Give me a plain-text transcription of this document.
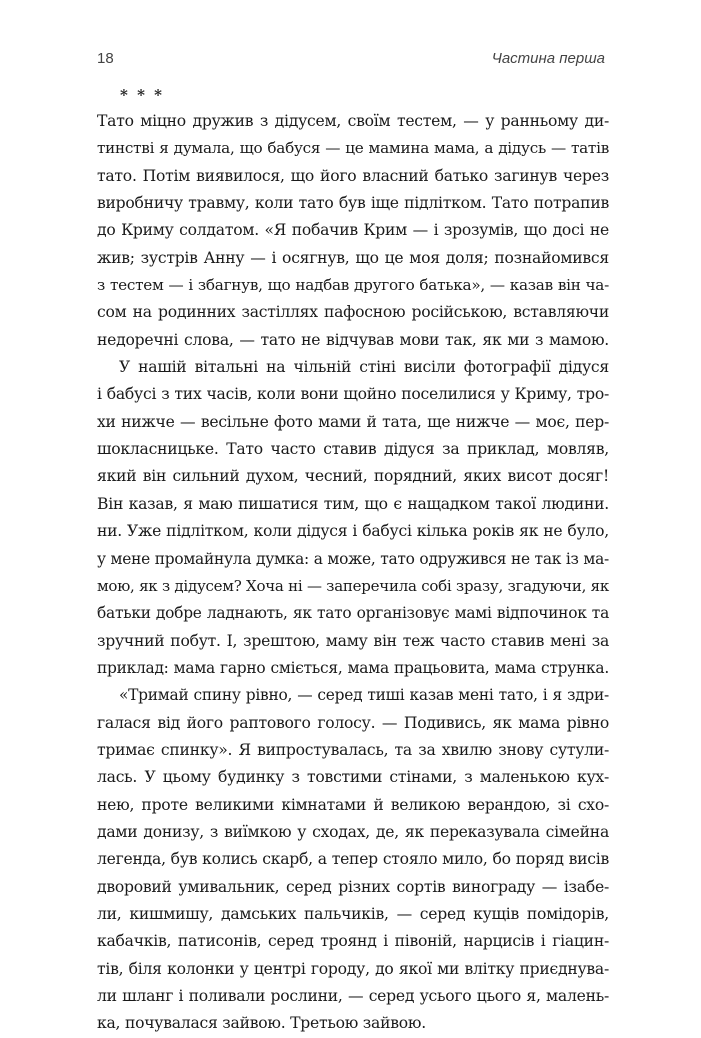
18	Частина перша
* * *
Тато міцно дружив з дідусем, своїм тестем, — у ранньому ди-
тинстві я думала, що бабуся — це мамина мама, а дідусь — татів
тато. Потім виявилося, що його власний батько загинув через
виробничу травму, коли тато був іще підлітком. Тато потрапив
до Криму солдатом. «Я побачив Крим — і зрозумів, що досі не
жив; зустрів Анну — і осягнув, що це моя доля; познайомився
з тестем — і збагнув, що надбав другого батька», — казав він ча-
сом на родинних застіллях пафосною російською, вставляючи
недоречні слова, — тато не відчував мови так, як ми з мамою.
У нашій вітальні на чільній стіні висіли фотографії дідуся
і бабусі з тих часів, коли вони щойно поселилися у Криму, тро-
хи нижче — весільне фото мами й тата, ще нижче — моє, пер-
шокласницьке. Тато часто ставив дідуся за приклад, мовляв,
який він сильний духом, чесний, порядний, яких висот досяг!
Він казав, я маю пишатися тим, що є нащадком такої людини.
ни. Уже підлітком, коли дідуся і бабусі кілька років як не було,
у мене промайнула думка: а може, тато одружився не так із ма-
мою, як з дідусем? Хоча ні — заперечила собі зразу, згадуючи, як
батьки добре ладнають, як тато організовує мамі відпочинок та
зручний побут. І, зрештою, маму він теж часто ставив мені за
приклад: мама гарно сміється, мама працьовита, мама струнка.
«Тримай спину рівно, — серед тиші казав мені тато, і я здри-
галася від його раптового голосу. — Подивись, як мама рівно
тримає спинку». Я випростувалась, та за хвилю знову сутули-
лась. У цьому будинку з товстими стінами, з маленькою кух-
нею, проте великими кімнатами й великою верандою, зі схо-
дами донизу, з виїмкою у сходах, де, як переказувала сімейна
легенда, був колись скарб, а тепер стояло мило, бо поряд висів
дворовий умивальник, серед різних сортів винограду — ізабе-
ли, кишмишу, дамських пальчиків, — серед кущів помідорів,
кабачків, патисонів, серед троянд і півоній, нарцисів і гіацин-
тів, біля колонки у центрі городу, до якої ми влітку приєднува-
ли шланг і поливали рослини, — серед усього цього я, малень-
ка, почувалася зайвою. Третьою зайвою.
